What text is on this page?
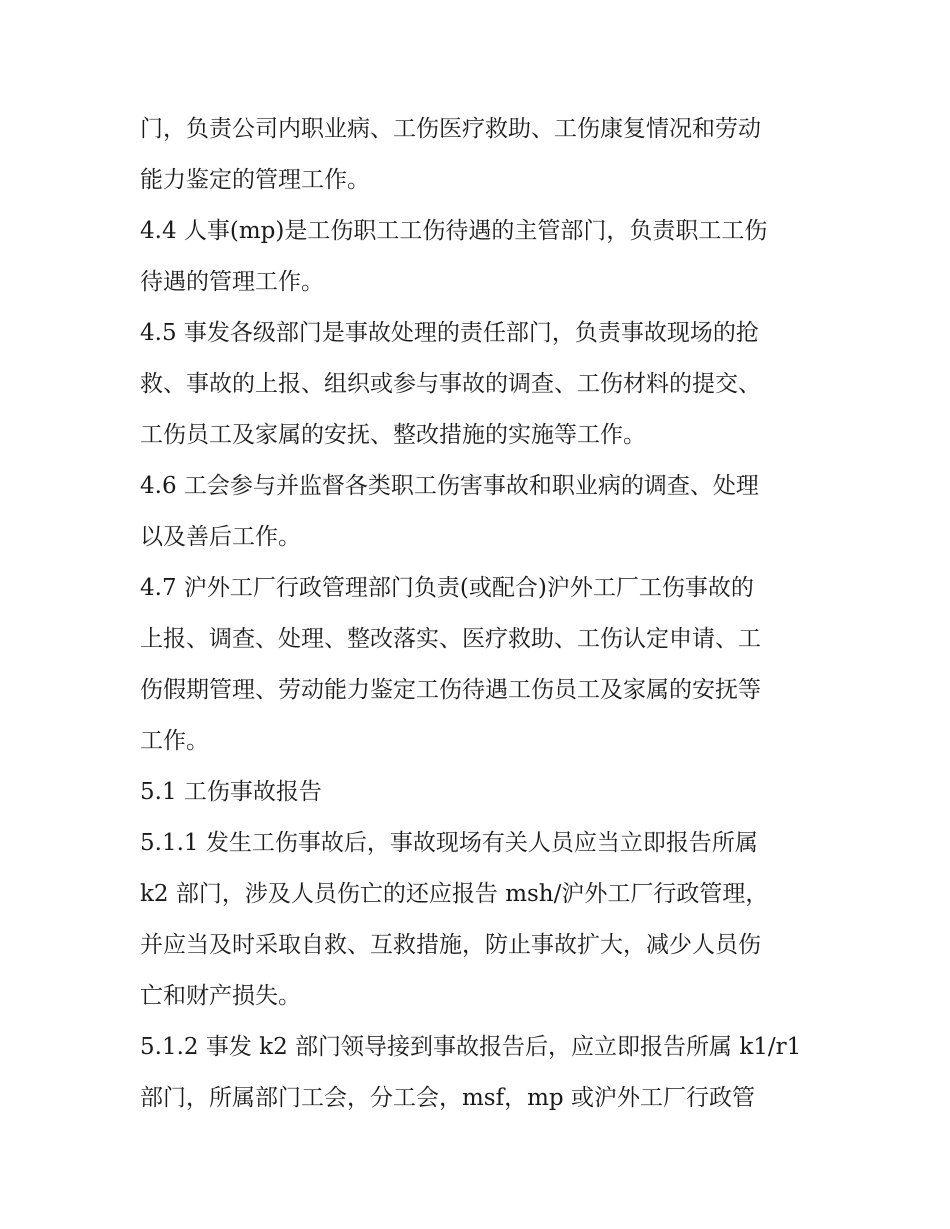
门，负责公司内职业病、工伤医疗救助、工伤康复情况和劳动
能力鉴定的管理工作。
4.4 人事(mp)是工伤职工工伤待遇的主管部门，负责职工工伤
待遇的管理工作。
4.5 事发各级部门是事故处理的责任部门，负责事故现场的抢
救、事故的上报、组织或参与事故的调查、工伤材料的提交、
工伤员工及家属的安抚、整改措施的实施等工作。
4.6 工会参与并监督各类职工伤害事故和职业病的调查、处理
以及善后工作。
4.7 沪外工厂行政管理部门负责(或配合)沪外工厂工伤事故的
上报、调查、处理、整改落实、医疗救助、工伤认定申请、工
伤假期管理、劳动能力鉴定工伤待遇工伤员工及家属的安抚等
工作。
5.1 工伤事故报告
5.1.1 发生工伤事故后，事故现场有关人员应当立即报告所属
k2 部门，涉及人员伤亡的还应报告 msh/沪外工厂行政管理，
并应当及时采取自救、互救措施，防止事故扩大，减少人员伤
亡和财产损失。
5.1.2 事发 k2 部门领导接到事故报告后，应立即报告所属 k1/r1
部门，所属部门工会，分工会，msf，mp 或沪外工厂行政管
